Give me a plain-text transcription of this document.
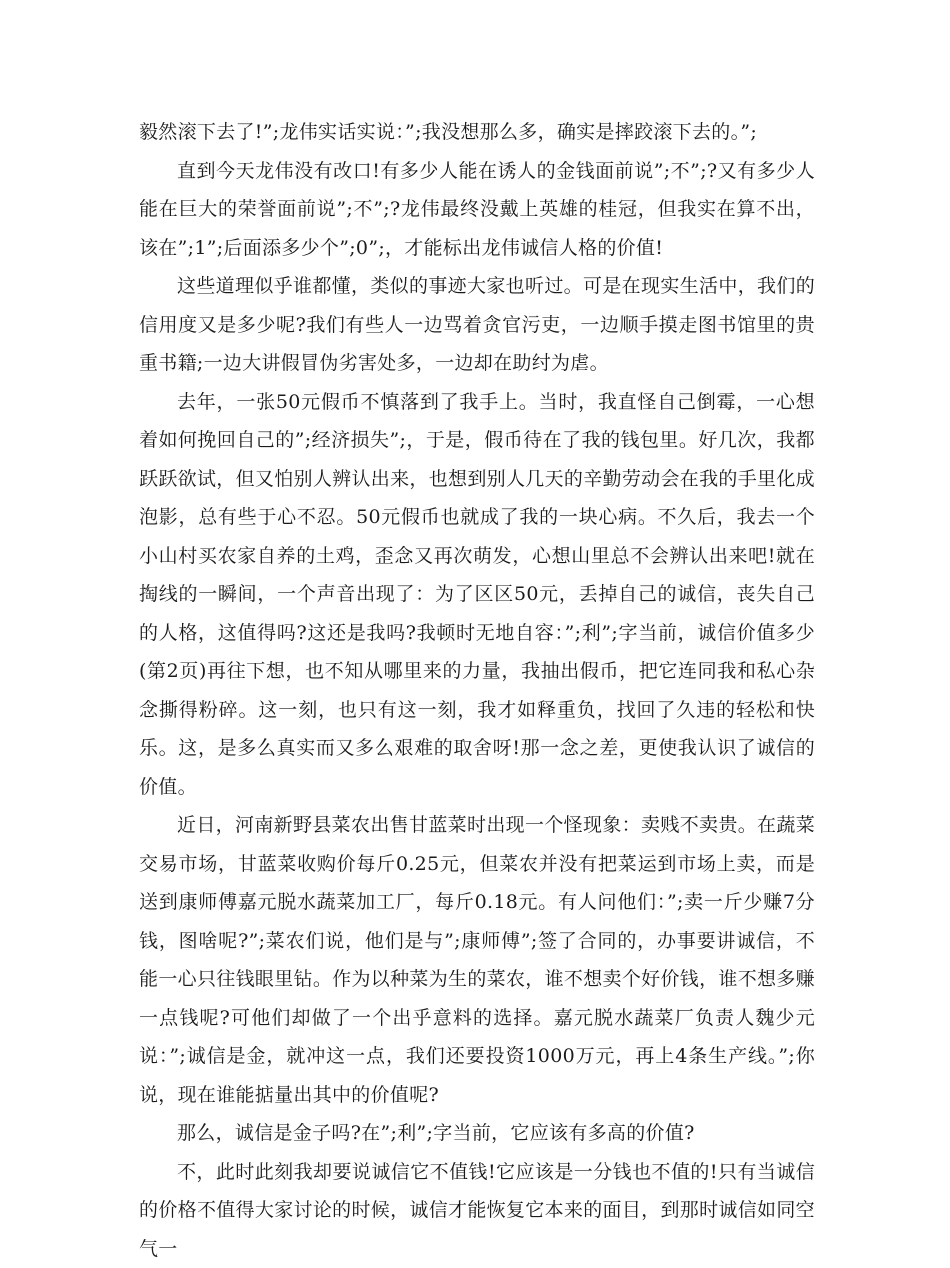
毅然滚下去了!”;龙伟实话实说：”;我没想那么多，确实是摔跤滚下去的。”;

直到今天龙伟没有改口!有多少人能在诱人的金钱面前说”;不”;?又有多少人能在巨大的荣誉面前说”;不”;?龙伟最终没戴上英雄的桂冠，但我实在算不出，该在”;1”;后面添多少个”;0”;，才能标出龙伟诚信人格的价值!

这些道理似乎谁都懂，类似的事迹大家也听过。可是在现实生活中，我们的信用度又是多少呢?我们有些人一边骂着贪官污吏，一边顺手摸走图书馆里的贵重书籍;一边大讲假冒伪劣害处多，一边却在助纣为虐。

去年，一张50元假币不慎落到了我手上。当时，我直怪自己倒霉，一心想着如何挽回自己的”;经济损失”;，于是，假币待在了我的钱包里。好几次，我都跃跃欲试，但又怕别人辨认出来，也想到别人几天的辛勤劳动会在我的手里化成泡影，总有些于心不忍。50元假币也就成了我的一块心病。不久后，我去一个小山村买农家自养的土鸡，歪念又再次萌发，心想山里总不会辨认出来吧!就在掏线的一瞬间，一个声音出现了：为了区区50元，丢掉自己的诚信，丧失自己的人格，这值得吗?这还是我吗?我顿时无地自容：”;利”;字当前，诚信价值多少(第2页)再往下想，也不知从哪里来的力量，我抽出假币，把它连同我和私心杂念撕得粉碎。这一刻，也只有这一刻，我才如释重负，找回了久违的轻松和快乐。这，是多么真实而又多么艰难的取舍呀!那一念之差，更使我认识了诚信的价值。

近日，河南新野县菜农出售甘蓝菜时出现一个怪现象：卖贱不卖贵。在蔬菜交易市场，甘蓝菜收购价每斤0.25元，但菜农并没有把菜运到市场上卖，而是送到康师傅嘉元脱水蔬菜加工厂，每斤0.18元。有人问他们：”;卖一斤少赚7分钱，图啥呢?”;菜农们说，他们是与”;康师傅”;签了合同的，办事要讲诚信，不能一心只往钱眼里钻。作为以种菜为生的菜农，谁不想卖个好价钱，谁不想多赚一点钱呢?可他们却做了一个出乎意料的选择。嘉元脱水蔬菜厂负责人魏少元说：”;诚信是金，就冲这一点，我们还要投资1000万元，再上4条生产线。”;你说，现在谁能掂量出其中的价值呢?

那么，诚信是金子吗?在”;利”;字当前，它应该有多高的价值?

不，此时此刻我却要说诚信它不值钱!它应该是一分钱也不值的!只有当诚信的价格不值得大家讨论的时候，诚信才能恢复它本来的面目，到那时诚信如同空气一
